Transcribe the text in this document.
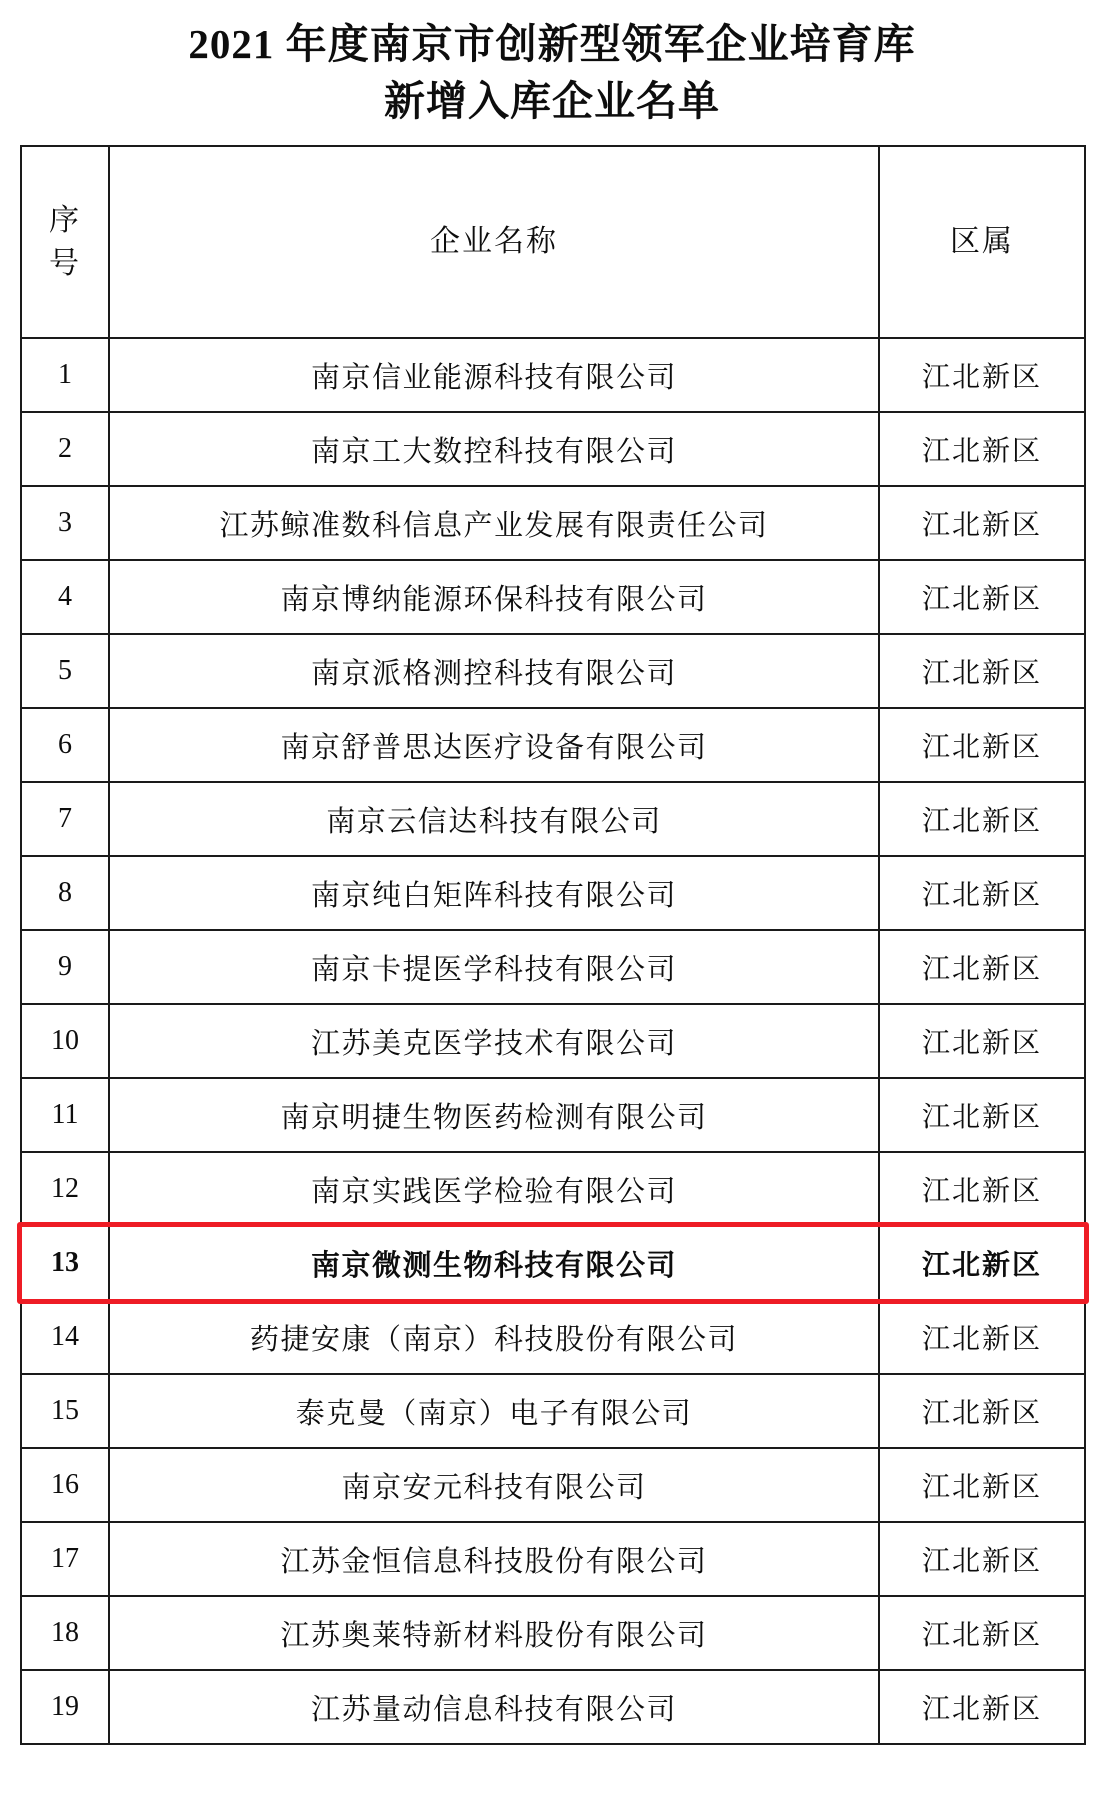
2021 年度南京市创新型领军企业培育库
新增入库企业名单
序
号	企业名称	区属
1	南京信业能源科技有限公司	江北新区
2	南京工大数控科技有限公司	江北新区
3	江苏鲸准数科信息产业发展有限责任公司	江北新区
4	南京博纳能源环保科技有限公司	江北新区
5	南京派格测控科技有限公司	江北新区
6	南京舒普思达医疗设备有限公司	江北新区
7	南京云信达科技有限公司	江北新区
8	南京纯白矩阵科技有限公司	江北新区
9	南京卡提医学科技有限公司	江北新区
10	江苏美克医学技术有限公司	江北新区
11	南京明捷生物医药检测有限公司	江北新区
12	南京实践医学检验有限公司	江北新区
13	南京微测生物科技有限公司	江北新区
14	药捷安康（南京）科技股份有限公司	江北新区
15	泰克曼（南京）电子有限公司	江北新区
16	南京安元科技有限公司	江北新区
17	江苏金恒信息科技股份有限公司	江北新区
18	江苏奥莱特新材料股份有限公司	江北新区
19	江苏量动信息科技有限公司	江北新区
